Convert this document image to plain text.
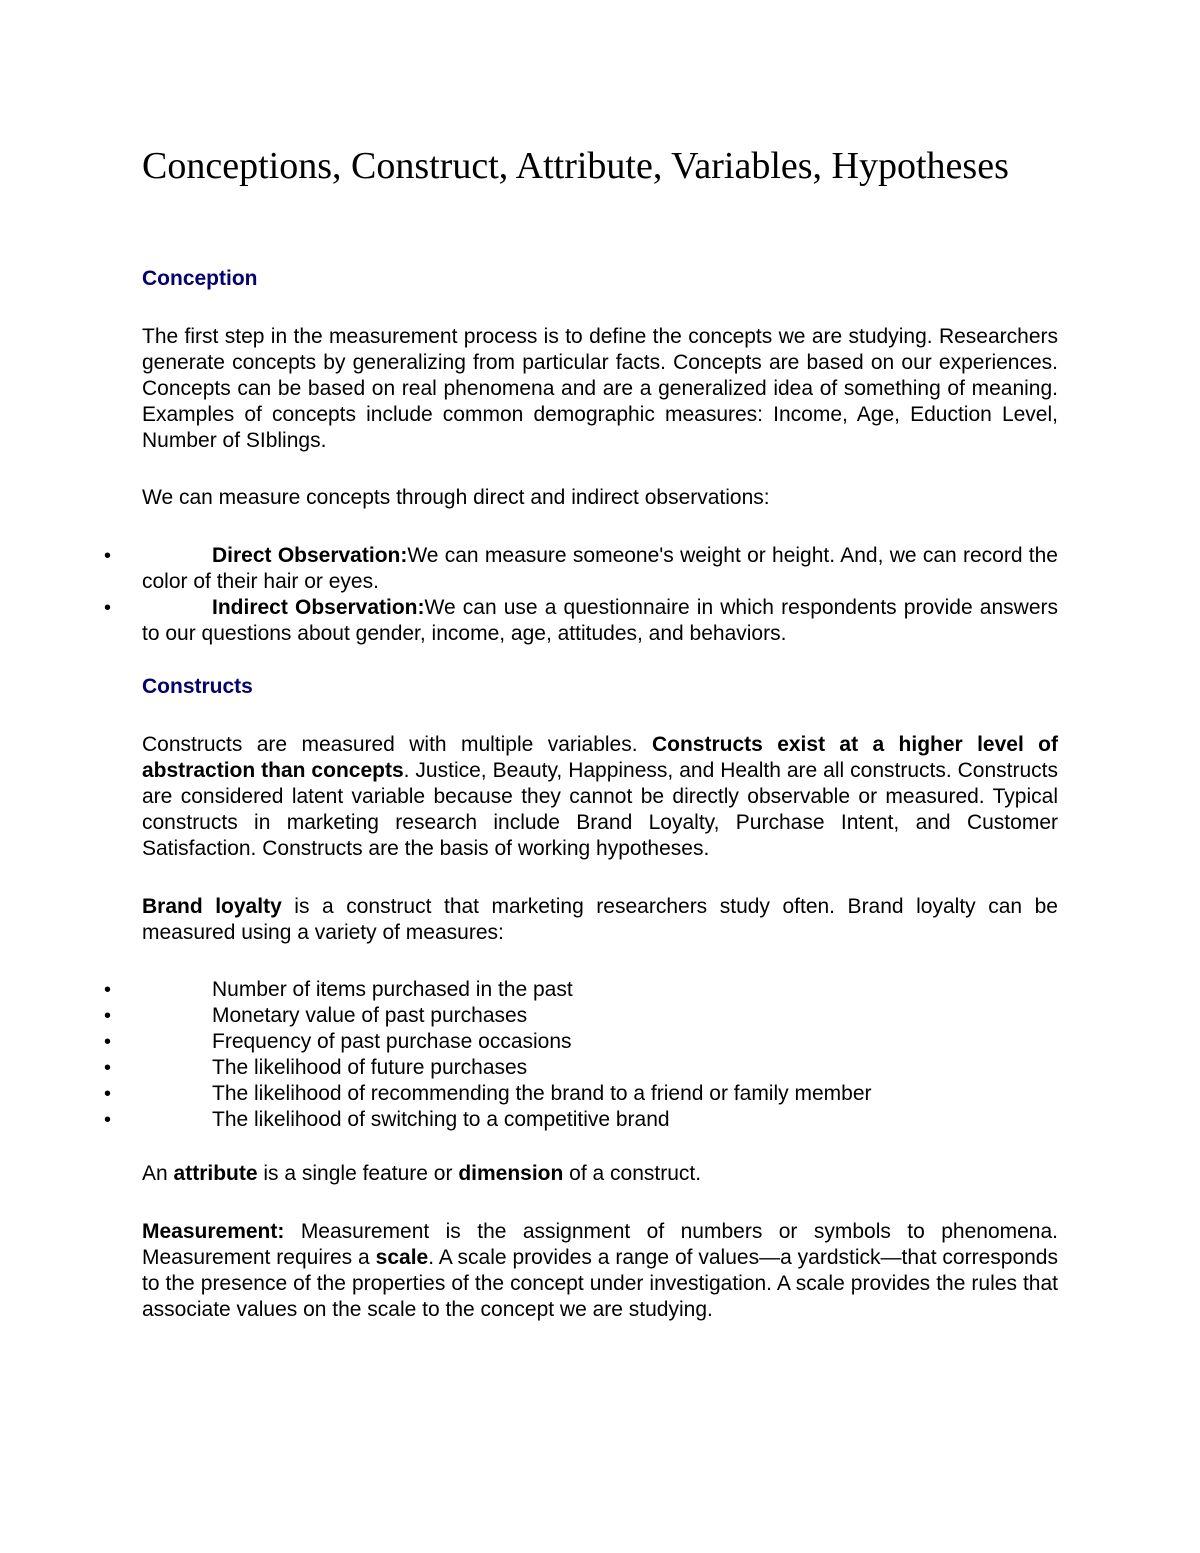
Conceptions, Construct, Attribute, Variables, Hypotheses
Conception

The first step in the measurement process is to define the concepts we are studying. Researchers generate concepts by generalizing from particular facts. Concepts are based on our experiences. Concepts can be based on real phenomena and are a generalized idea of something of meaning. Examples of concepts include common demographic measures: Income, Age, Eduction Level, Number of SIblings.

We can measure concepts through direct and indirect observations:

•	Direct Observation:We can measure someone's weight or height. And, we can record the color of their hair or eyes.
•	Indirect Observation:We can use a questionnaire in which respondents provide answers to our questions about gender, income, age, attitudes, and behaviors.
Constructs

Constructs are measured with multiple variables. Constructs exist at a higher level of abstraction than concepts. Justice, Beauty, Happiness, and Health are all constructs. Constructs are considered latent variable because they cannot be directly observable or measured. Typical constructs in marketing research include Brand Loyalty, Purchase Intent, and Customer Satisfaction. Constructs are the basis of working hypotheses.

Brand loyalty is a construct that marketing researchers study often. Brand loyalty can be measured using a variety of measures:

•	Number of items purchased in the past
•	Monetary value of past purchases
•	Frequency of past purchase occasions
•	The likelihood of future purchases
•	The likelihood of recommending the brand to a friend or family member
•	The likelihood of switching to a competitive brand

An attribute is a single feature or dimension of a construct.

Measurement: Measurement is the assignment of numbers or symbols to phenomena. Measurement requires a scale. A scale provides a range of values—a yardstick—that corresponds to the presence of the properties of the concept under investigation. A scale provides the rules that associate values on the scale to the concept we are studying.
